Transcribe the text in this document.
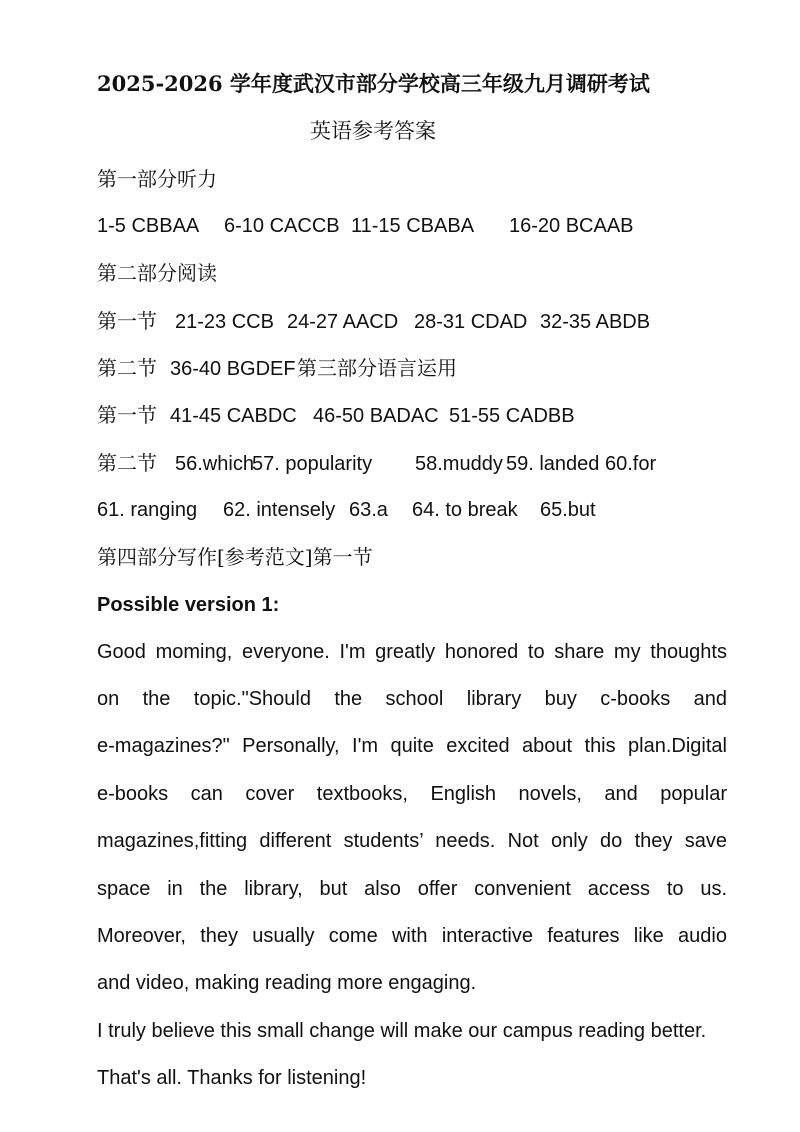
2025-2026 学年度武汉市部分学校高三年级九月调研考试
英语参考答案
第一部分听力
1-5 CBBAA 6-10 CACCB 11-15 CBABA 16-20 BCAAB
第二部分阅读
第一节 21-23 CCB 24-27 AACD 28-31 CDAD 32-35 ABDB
第二节 36-40 BGDEF第三部分语言运用
第一节 41-45 CABDC 46-50 BADAC 51-55 CADBB
第二节 56.which57. popularity 58.muddy 59. landed 60.for
61. ranging 62. intensely 63.a 64. to break 65.but
第四部分写作[参考范文]第一节
Possible version 1:
Good moming, everyone. I'm greatly honored to share my thoughts
on the topic."Should the school library buy c-books and
e-magazines?" Personally, I'm quite excited about this plan.Digital
e-books can cover textbooks, English novels, and popular
magazines,fitting different students’ needs. Not only do they save
space in the library, but also offer convenient access to us.
Moreover, they usually come with interactive features like audio
and video, making reading more engaging.
I truly believe this small change will make our campus reading better.
That's all. Thanks for listening!
